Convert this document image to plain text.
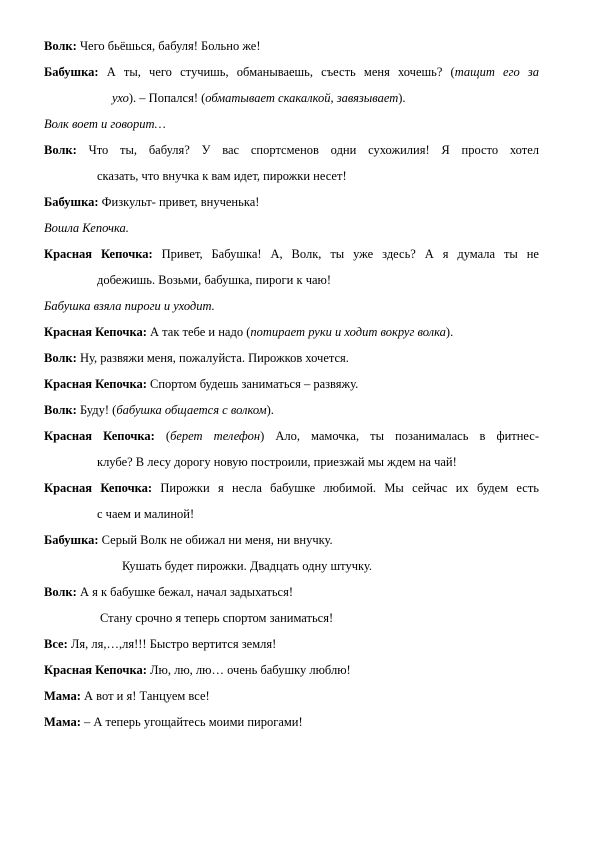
Волк: Чего бьёшься, бабуля! Больно же!
Бабушка: А ты, чего стучишь, обманываешь, съесть меня хочешь? (тащит его за
ухо). – Попался! (обматывает скакалкой, завязывает).
Волк воет и говорит…
Волк: Что ты, бабуля? У вас спортсменов одни сухожилия! Я просто хотел
сказать, что внучка к вам идет, пирожки несет!
Бабушка: Физкульт- привет, внученька!
Вошла Кепочка.
Красная Кепочка: Привет, Бабушка! А, Волк, ты уже здесь? А я думала ты не
добежишь. Возьми, бабушка, пироги к чаю!
Бабушка взяла пироги и уходит.
Красная Кепочка: А так тебе и надо (потирает руки и ходит вокруг волка).
Волк: Ну, развяжи меня, пожалуйста. Пирожков хочется.
Красная Кепочка: Спортом будешь заниматься – развяжу.
Волк: Буду! (бабушка общается с волком).
Красная Кепочка: (берет телефон) Ало, мамочка, ты позанималась в фитнес-
клубе? В лесу дорогу новую построили, приезжай мы ждем на чай!
Красная Кепочка: Пирожки я несла бабушке любимой. Мы сейчас их будем есть
с чаем и малиной!
Бабушка: Серый Волк не обижал ни меня, ни внучку.
Кушать будет пирожки. Двадцать одну штучку.
Волк: А я к бабушке бежал, начал задыхаться!
Стану срочно я теперь спортом заниматься!
Все: Ля, ля,…,ля!!! Быстро вертится земля!
Красная Кепочка: Лю, лю, лю… очень бабушку люблю!
Мама: А вот и я! Танцуем все!
Мама: – А теперь угощайтесь моими пирогами!
